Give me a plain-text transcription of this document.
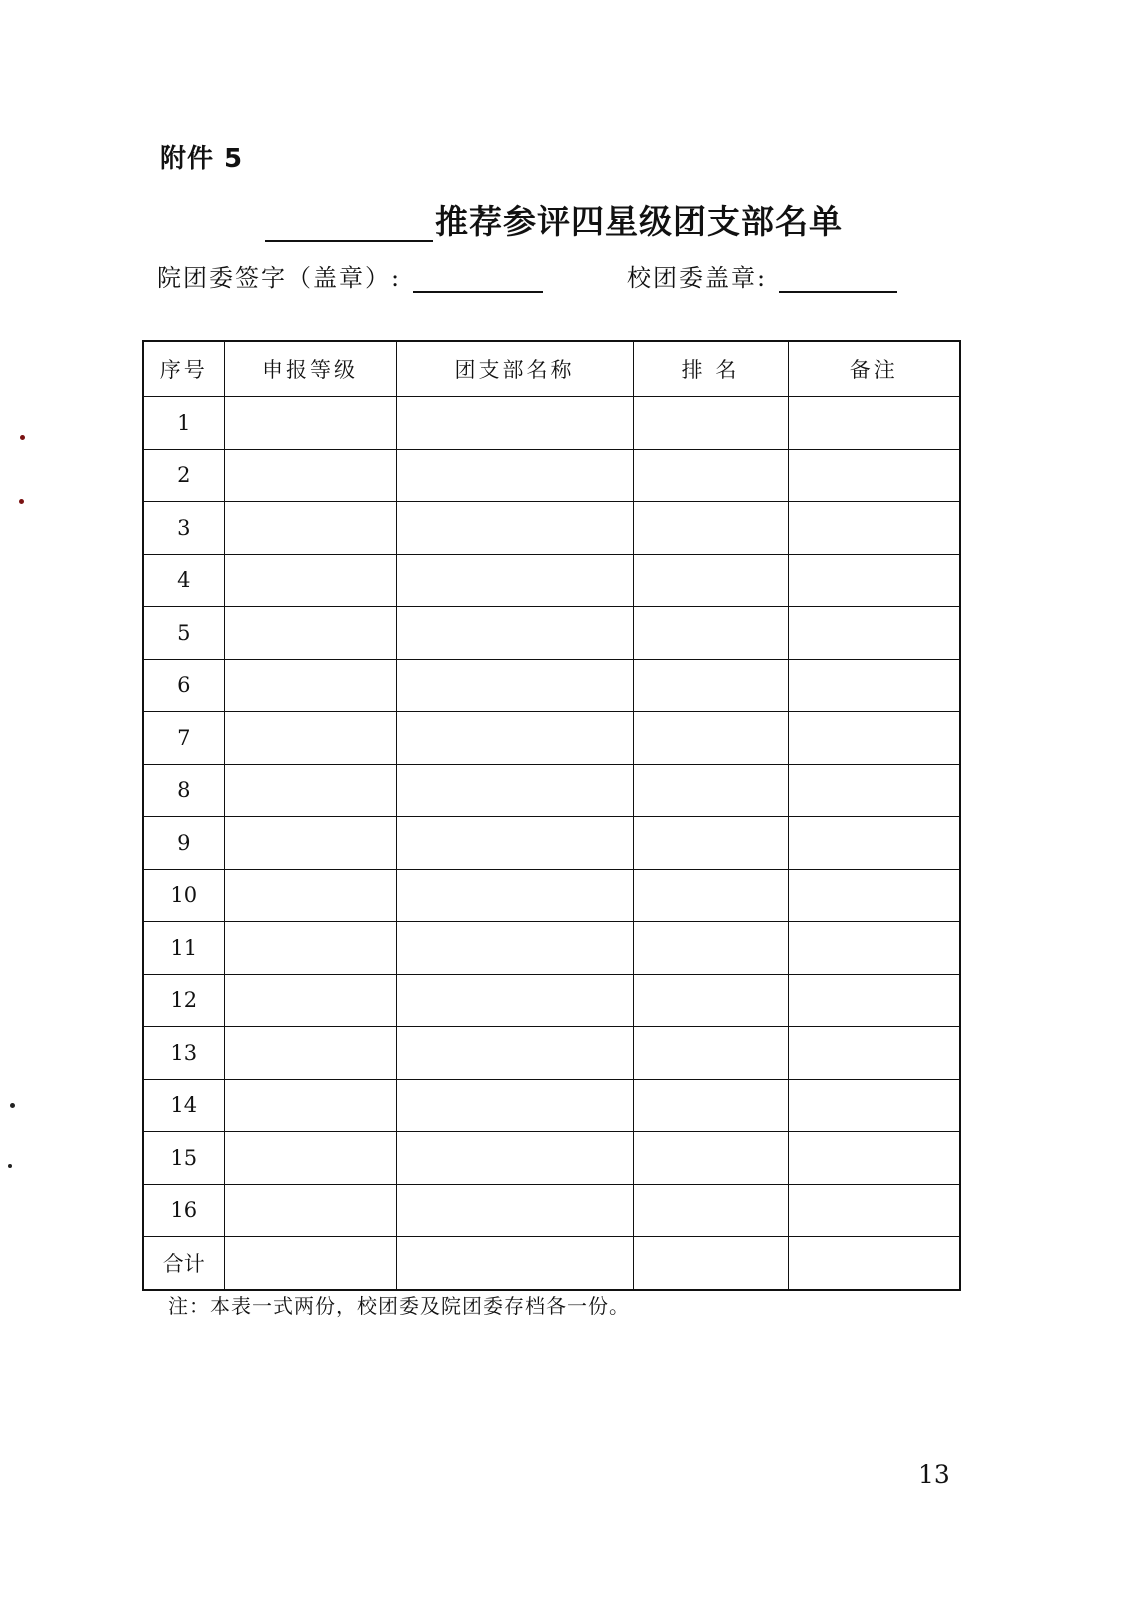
附件 5
推荐参评四星级团支部名单
院团委签字（盖章）:	校团委盖章:
序号	申报等级	团支部名称	排 名	备注
1				
2				
3				
4				
5				
6				
7				
8				
9				
10				
11				
12				
13				
14				
15				
16				
合计				
注：本表一式两份，校团委及院团委存档各一份。
13
